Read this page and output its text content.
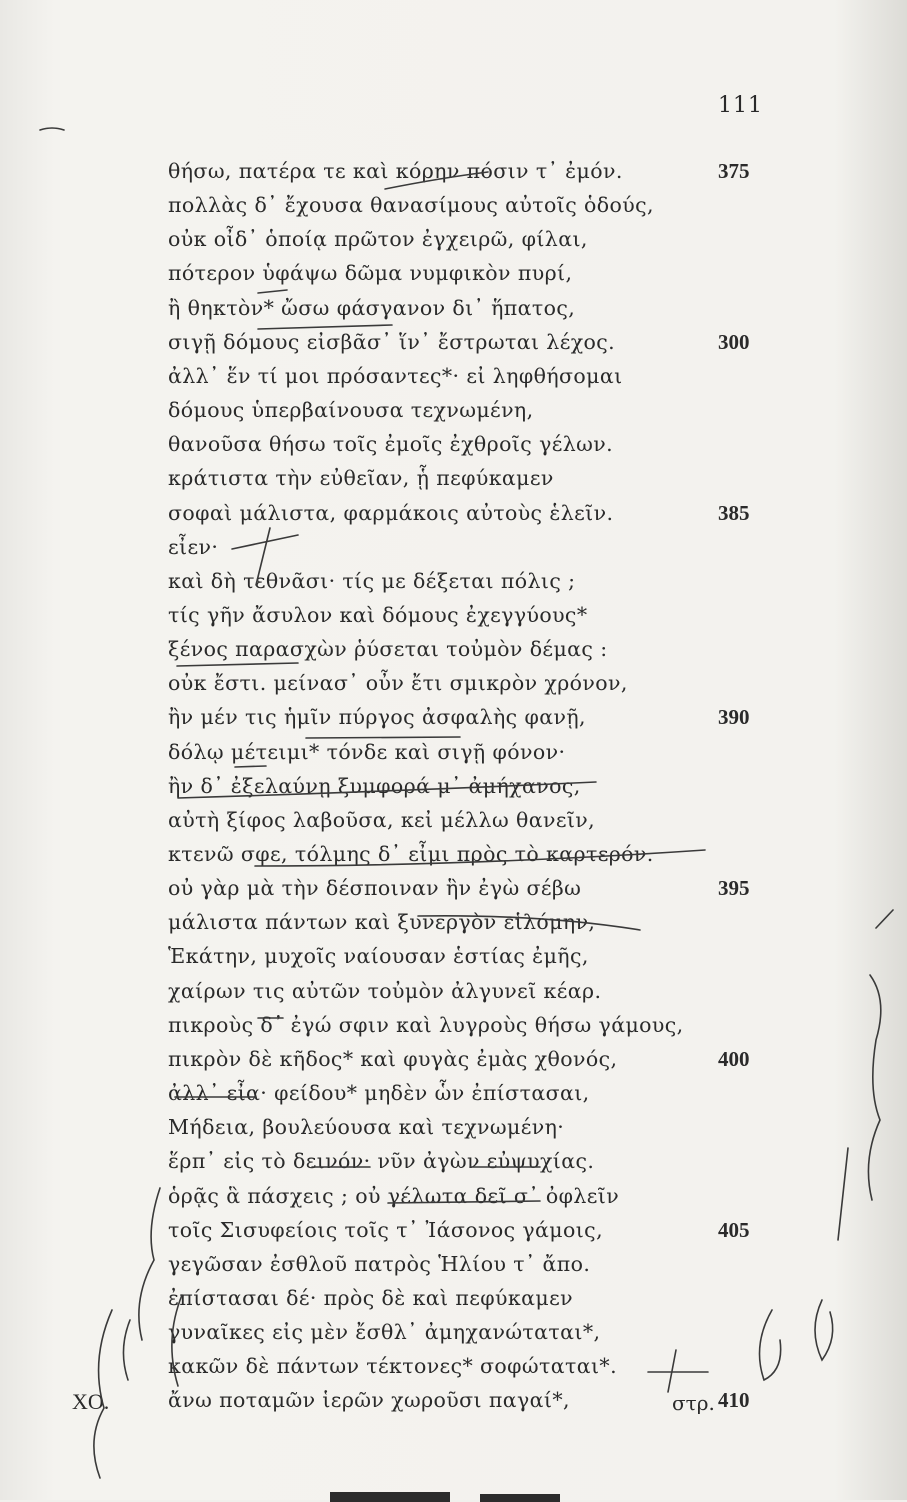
111
θήσω, πατέρα τε καὶ κόρην πόσιν τ᾽ ἐμόν.	375
πολλὰς δ᾽ ἔχουσα θανασίμους αὐτοῖς ὁδούς,
οὐκ οἶδ᾽ ὁποίᾳ πρῶτον ἐγχειρῶ, φίλαι,
πότερον ὑφάψω δῶμα νυμφικὸν πυρί,
ἢ θηκτὸν* ὤσω φάσγανον δι᾽ ἥπατος,
σιγῇ δόμους εἰσβᾶσ᾽ ἵν᾽ ἔστρωται λέχος.	300
ἀλλ᾽ ἕν τί μοι πρόσαντες*· εἰ ληφθήσομαι
δόμους ὑπερβαίνουσα τεχνωμένη,
θανοῦσα θήσω τοῖς ἐμοῖς ἐχθροῖς γέλων.
κράτιστα τὴν εὐθεῖαν, ᾗ πεφύκαμεν
σοφαὶ μάλιστα, φαρμάκοις αὐτοὺς ἑλεῖν.	385
εἶεν·
καὶ δὴ τεθνᾶσι· τίς με δέξεται πόλις ;
τίς γῆν ἄσυλον καὶ δόμους ἐχεγγύους*
ξένος παρασχὼν ῥύσεται τοὐμὸν δέμας :
οὐκ ἔστι. μείνασ᾽ οὖν ἔτι σμικρὸν χρόνον,
ἢν μέν τις ἡμῖν πύργος ἀσφαλὴς φανῇ,	390
δόλῳ μέτειμι* τόνδε καὶ σιγῇ φόνον·
ἢν δ᾽ ἐξελαύνῃ ξυμφορά μ᾽ ἀμήχανος,
αὐτὴ ξίφος λαβοῦσα, κεἰ μέλλω θανεῖν,
κτενῶ σφε, τόλμης δ᾽ εἶμι πρὸς τὸ καρτερόν.
οὐ γὰρ μὰ τὴν δέσποιναν ἣν ἐγὼ σέβω	395
μάλιστα πάντων καὶ ξυνεργὸν εἱλόμην,
Ἑκάτην, μυχοῖς ναίουσαν ἑστίας ἐμῆς,
χαίρων τις αὐτῶν τοὐμὸν ἀλγυνεῖ κέαρ.
πικροὺς δ᾽ ἐγώ σφιν καὶ λυγροὺς θήσω γάμους,
πικρὸν δὲ κῆδος* καὶ φυγὰς ἐμὰς χθονός,	400
ἀλλ᾽ εἶα· φείδου* μηδὲν ὧν ἐπίστασαι,
Μήδεια, βουλεύουσα καὶ τεχνωμένη·
ἕρπ᾽ εἰς τὸ δεινόν· νῦν ἀγὼν εὐψυχίας.
ὁρᾷς ἃ πάσχεις ; οὐ γέλωτα δεῖ σ᾽ ὀφλεῖν
τοῖς Σισυφείοις τοῖς τ᾽ Ἰάσονος γάμοις,	405
γεγῶσαν ἐσθλοῦ πατρὸς Ἡλίου τ᾽ ἄπο.
ἐπίστασαι δέ· πρὸς δὲ καὶ πεφύκαμεν
γυναῖκες εἰς μὲν ἔσθλ᾽ ἀμηχανώταται*,
κακῶν δὲ πάντων τέκτονες* σοφώταται*.
ἄνω ποταμῶν ἱερῶν χωροῦσι παγαί*,	410
ΧΟ.	στρ.
